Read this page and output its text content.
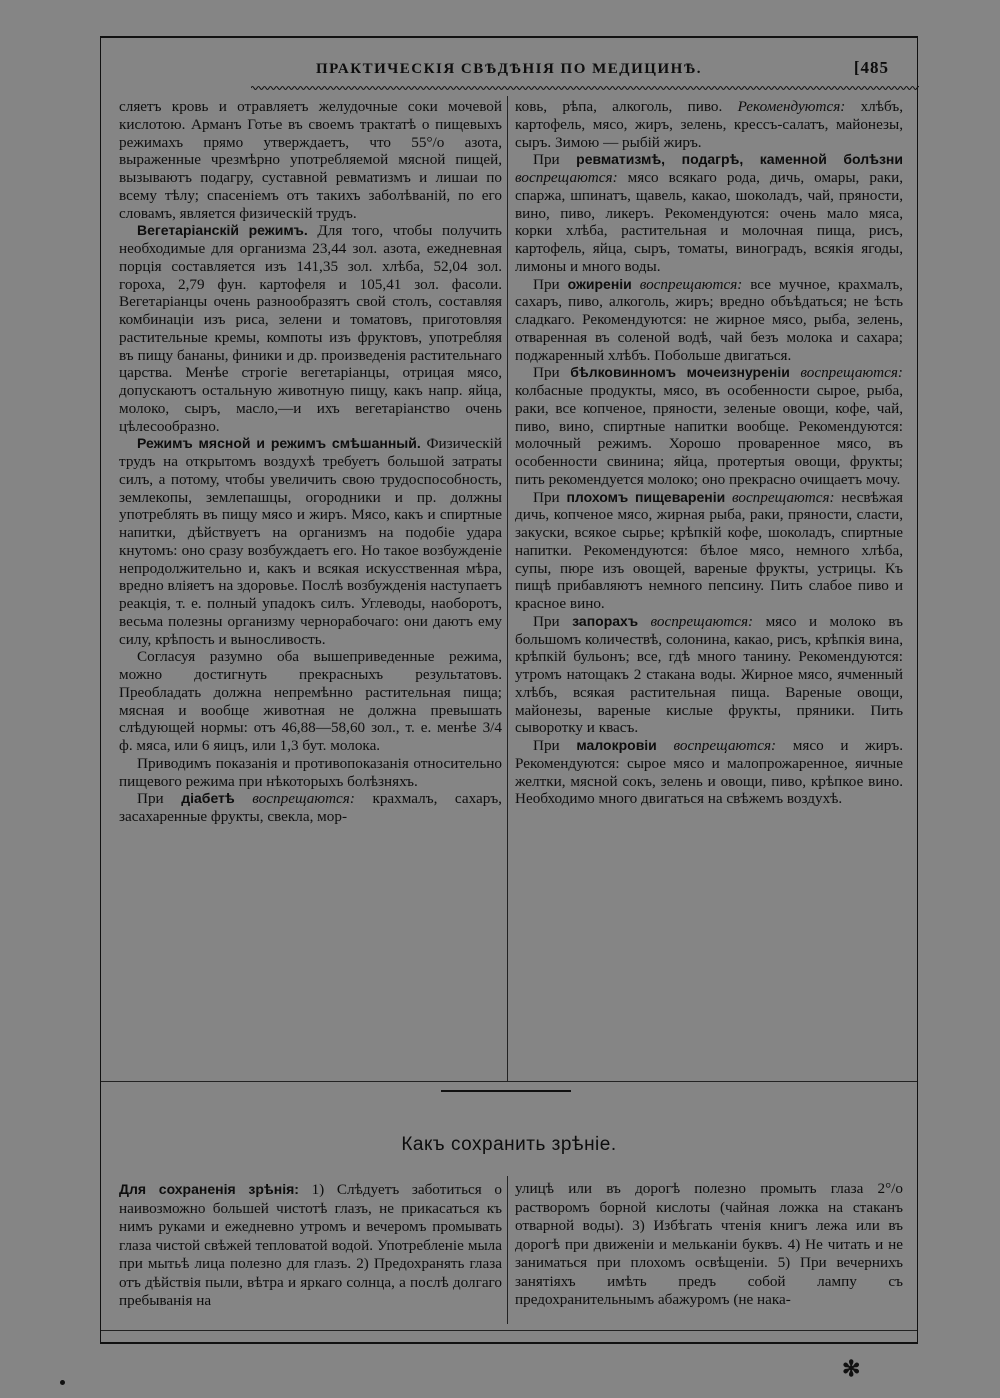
ПРАКТИЧЕСКІЯ СВѢДѢНІЯ ПО МЕДИЦИНѢ.	[485

сляетъ кровь и отравляетъ желудочные соки мочевой кислотою. Арманъ Готье въ своемъ трактатѣ о пищевыхъ режимахъ прямо утверждаетъ, что 55°/о азота, выраженные чрезмѣрно употребляемой мясной пищей, вызываютъ подагру, суставной ревматизмъ и лишаи по всему тѣлу; спасеніемъ отъ такихъ заболѣваній, по его словамъ, является физическій трудъ.

Вегетаріанскій режимъ. Для того, чтобы получить необходимые для организма 23,44 зол. азота, ежедневная порція составляется изъ 141,35 зол. хлѣба, 52,04 зол. гороха, 2,79 фун. картофеля и 105,41 зол. фасоли. Вегетаріанцы очень разнообразятъ свой столъ, составляя комбинаціи изъ риса, зелени и томатовъ, приготовляя растительные кремы, компоты изъ фруктовъ, употребляя въ пищу бананы, финики и др. произведенія растительнаго царства. Менѣе строгіе вегетаріанцы, отрицая мясо, допускаютъ остальную животную пищу, какъ напр. яйца, молоко, сыръ, масло,—и ихъ вегетаріанство очень цѣлесообразно.

Режимъ мясной и режимъ смѣшанный. Физическій трудъ на открытомъ воздухѣ требуетъ большой затраты силъ, а потому, чтобы увеличить свою трудоспособность, землекопы, землепашцы, огородники и пр. должны употреблять въ пищу мясо и жиръ. Мясо, какъ и спиртные напитки, дѣйствуетъ на организмъ на подобіе удара кнутомъ: оно сразу возбуждаетъ его. Но такое возбужденіе непродолжительно и, какъ и всякая искусственная мѣра, вредно вліяетъ на здоровье. Послѣ возбужденія наступаетъ реакція, т. е. полный упадокъ силъ. Углеводы, наоборотъ, весьма полезны организму чернорабочаго: они даютъ ему силу, крѣпость и выносливость.

Согласуя разумно оба вышеприведенные режима, можно достигнуть прекрасныхъ результатовъ. Преобладать должна непремѣнно растительная пища; мясная и вообще животная не должна превышать слѣдующей нормы: отъ 46,88—58,60 зол., т. е. менѣе 3/4 ф. мяса, или 6 яицъ, или 1,3 бут. молока.

Приводимъ показанія и противопоказанія относительно пищевого режима при нѣкоторыхъ болѣзняхъ.

При діабетѣ воспрещаются: крахмалъ, сахаръ, засахаренные фрукты, свекла, мор-

ковь, рѣпа, алкоголь, пиво. Рекомендуются: хлѣбъ, картофель, мясо, жиръ, зелень, крессъ-салатъ, майонезы, сыръ. Зимою — рыбій жиръ.

При ревматизмѣ, подагрѣ, каменной болѣзни воспрещаются: мясо всякаго рода, дичь, омары, раки, спаржа, шпинатъ, щавель, какао, шоколадъ, чай, пряности, вино, пиво, ликеръ. Рекомендуются: очень мало мяса, корки хлѣба, растительная и молочная пища, рисъ, картофель, яйца, сыръ, томаты, виноградъ, всякія ягоды, лимоны и много воды.

При ожиреніи воспрещаются: все мучное, крахмалъ, сахаръ, пиво, алкоголь, жиръ; вредно объѣдаться; не ѣсть сладкаго. Рекомендуются: не жирное мясо, рыба, зелень, отваренная въ соленой водѣ, чай безъ молока и сахара; поджаренный хлѣбъ. Побольше двигаться.

При бѣлковинномъ мочеизнуреніи воспрещаются: колбасные продукты, мясо, въ особенности сырое, рыба, раки, все копченое, пряности, зеленые овощи, кофе, чай, пиво, вино, спиртные напитки вообще. Рекомендуются: молочный режимъ. Хорошо проваренное мясо, въ особенности свинина; яйца, протертыя овощи, фрукты; пить рекомендуется молоко; оно прекрасно очищаетъ мочу.

При плохомъ пищевареніи воспрещаются: несвѣжая дичь, копченое мясо, жирная рыба, раки, пряности, сласти, закуски, всякое сырье; крѣпкій кофе, шоколадъ, спиртные напитки. Рекомендуются: бѣлое мясо, немного хлѣба, супы, пюре изъ овощей, вареные фрукты, устрицы. Къ пищѣ прибавляютъ немного пепсину. Пить слабое пиво и красное вино.

При запорахъ воспрещаются: мясо и молоко въ большомъ количествѣ, солонина, какао, рисъ, крѣпкія вина, крѣпкій бульонъ; все, гдѣ много танину. Рекомендуются: утромъ натощакъ 2 стакана воды. Жирное мясо, ячменный хлѣбъ, всякая растительная пища. Вареные овощи, майонезы, вареные кислые фрукты, пряники. Пить сыворотку и квасъ.

При малокровіи воспрещаются: мясо и жиръ. Рекомендуются: сырое мясо и малопрожаренное, яичные желтки, мясной сокъ, зелень и овощи, пиво, крѣпкое вино. Необходимо много двигаться на свѣжемъ воздухѣ.

Какъ сохранить зрѣніе.

Для сохраненія зрѣнія: 1) Слѣдуетъ заботиться о наивозможно большей чистотѣ глазъ, не прикасаться къ нимъ руками и ежедневно утромъ и вечеромъ промывать глаза чистой свѣжей тепловатой водой. Употребленіе мыла при мытьѣ лица полезно для глазъ. 2) Предохранять глаза отъ дѣйствія пыли, вѣтра и яркаго солнца, а послѣ долгаго пребыванія на

улицѣ или въ дорогѣ полезно промыть глаза 2°/о растворомъ борной кислоты (чайная ложка на стаканъ отварной воды). 3) Избѣгать чтенія книгъ лежа или въ дорогѣ при движеніи и мельканіи буквъ. 4) Не читать и не заниматься при плохомъ освѣщеніи. 5) При вечернихъ занятіяхъ имѣть предъ собой лампу съ предохранительнымъ абажуромъ (не нака-

✻
